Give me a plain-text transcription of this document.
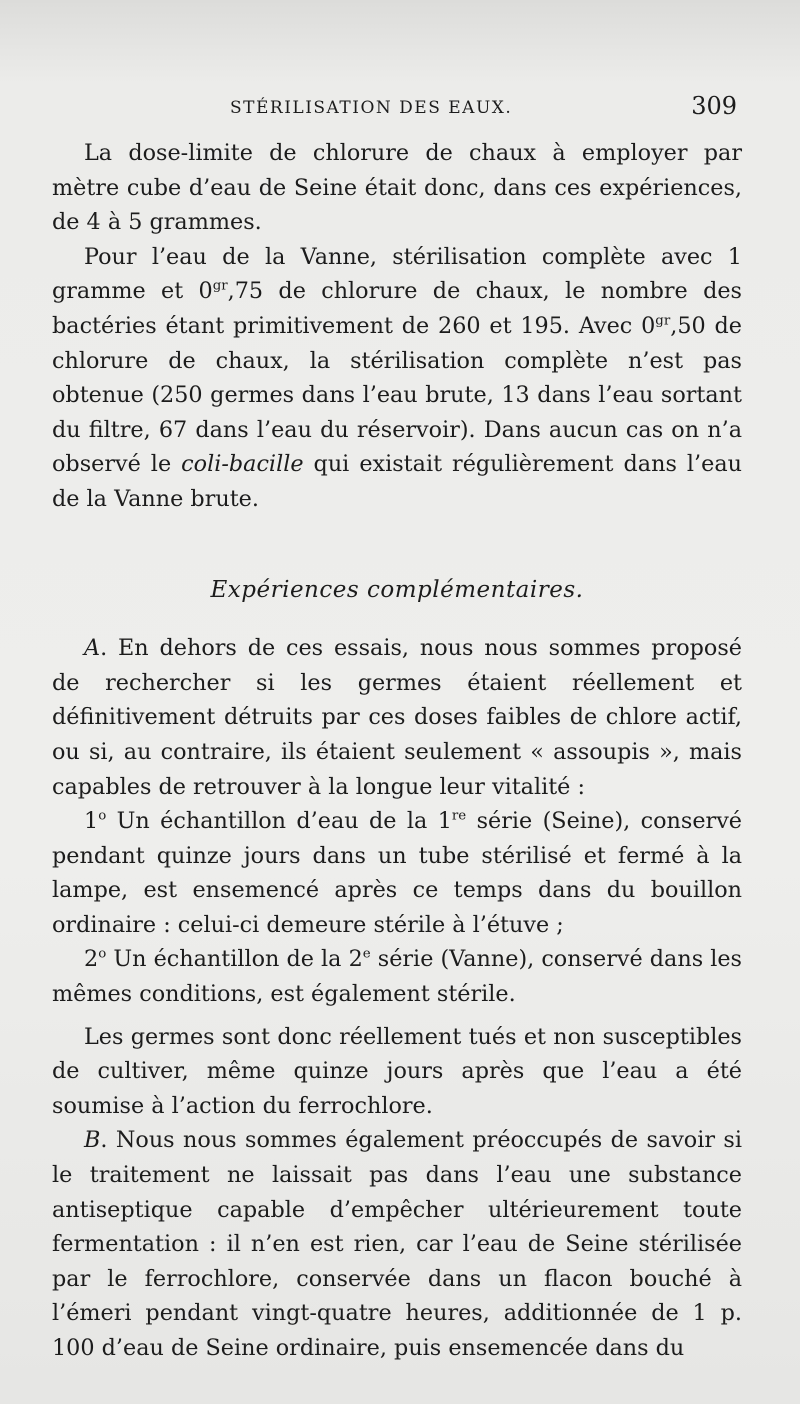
STÉRILISATION DES EAUX.	309

La dose-limite de chlorure de chaux à employer par mètre cube d’eau de Seine était donc, dans ces expériences, de 4 à 5 grammes.

Pour l’eau de la Vanne, stérilisation complète avec 1 gramme et $0^{gr},75$ de chlorure de chaux, le nombre des bactéries étant primitivement de 260 et 195. Avec $0^{gr},50$ de chlorure de chaux, la stérilisation complète n’est pas obtenue (250 germes dans l’eau brute, 13 dans l’eau sortant du filtre, 67 dans l’eau du réservoir). Dans aucun cas on n’a observé le coli-bacille qui existait régulièrement dans l’eau de la Vanne brute.

Expériences complémentaires.

A. En dehors de ces essais, nous nous sommes proposé de rechercher si les germes étaient réellement et définitivement détruits par ces doses faibles de chlore actif, ou si, au contraire, ils étaient seulement « assoupis », mais capables de retrouver à la longue leur vitalité :

1$^o$ Un échantillon d’eau de la 1re série (Seine), conservé pendant quinze jours dans un tube stérilisé et fermé à la lampe, est ensemencé après ce temps dans du bouillon ordinaire : celui-ci demeure stérile à l’étuve ;

2$^o$ Un échantillon de la 2e série (Vanne), conservé dans les mêmes conditions, est également stérile.

Les germes sont donc réellement tués et non susceptibles de cultiver, même quinze jours après que l’eau a été soumise à l’action du ferrochlore.

B. Nous nous sommes également préoccupés de savoir si le traitement ne laissait pas dans l’eau une substance antiseptique capable d’empêcher ultérieurement toute fermentation : il n’en est rien, car l’eau de Seine stérilisée par le ferrochlore, conservée dans un flacon bouché à l’émeri pendant vingt-quatre heures, additionnée de 1 p. 100 d’eau de Seine ordinaire, puis ensemencée dans du
